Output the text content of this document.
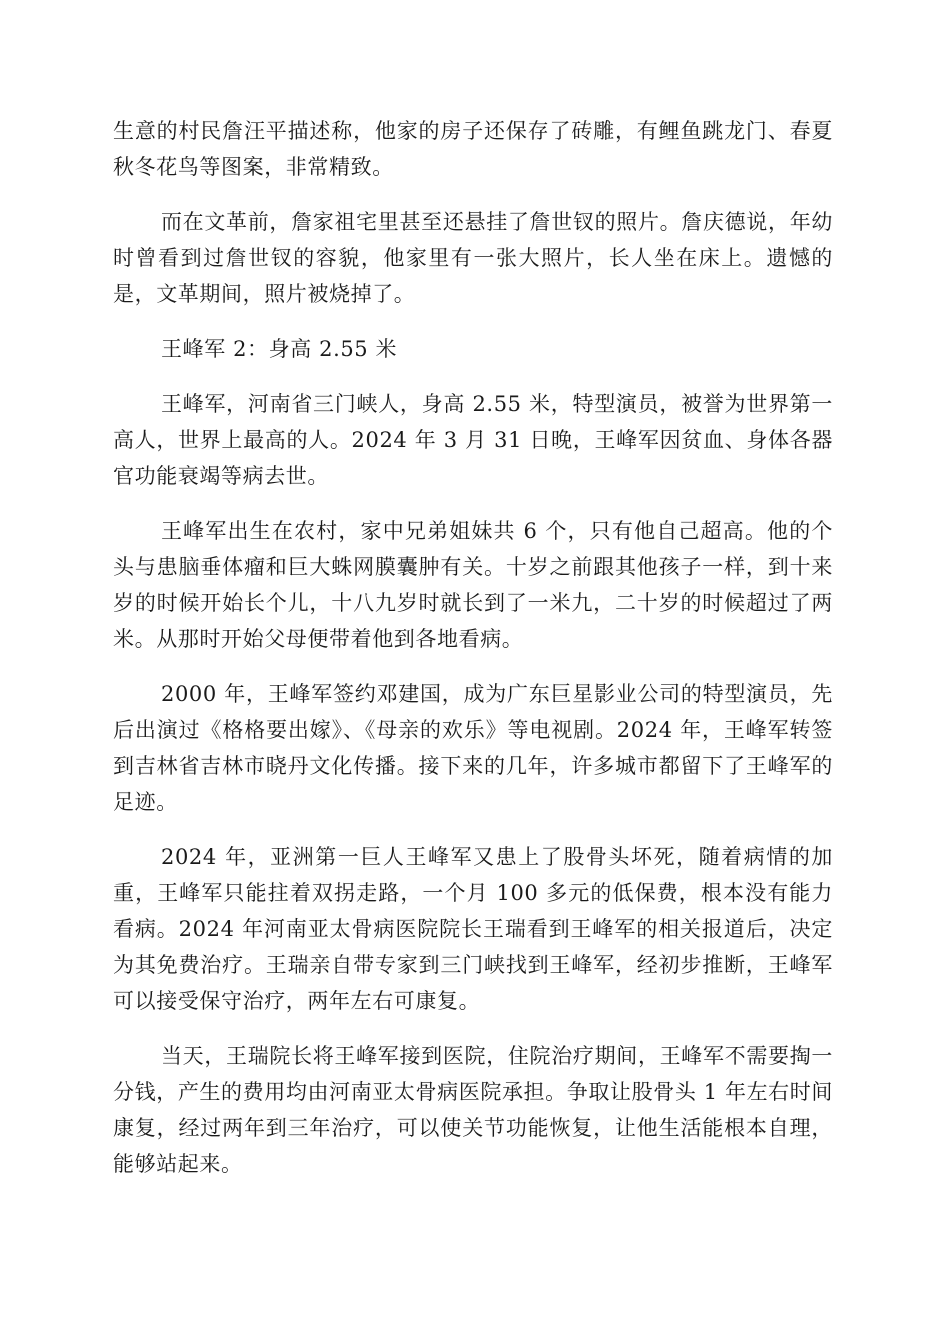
生意的村民詹汪平描述称，他家的房子还保存了砖雕，有鲤鱼跳龙门、春夏秋冬花鸟等图案，非常精致。

而在文革前，詹家祖宅里甚至还悬挂了詹世钗的照片。詹庆德说，年幼时曾看到过詹世钗的容貌，他家里有一张大照片，长人坐在床上。遗憾的是，文革期间，照片被烧掉了。

王峰军 2：身高 2.55 米

王峰军，河南省三门峡人，身高 2.55 米，特型演员，被誉为世界第一高人，世界上最高的人。2024 年 3 月 31 日晚，王峰军因贫血、身体各器官功能衰竭等病去世。

王峰军出生在农村，家中兄弟姐妹共 6 个，只有他自己超高。他的个头与患脑垂体瘤和巨大蛛网膜囊肿有关。十岁之前跟其他孩子一样，到十来岁的时候开始长个儿，十八九岁时就长到了一米九，二十岁的时候超过了两米。从那时开始父母便带着他到各地看病。

2000 年，王峰军签约邓建国，成为广东巨星影业公司的特型演员，先后出演过《格格要出嫁》、《母亲的欢乐》等电视剧。2024 年，王峰军转签到吉林省吉林市晓丹文化传播。接下来的几年，许多城市都留下了王峰军的足迹。

2024 年，亚洲第一巨人王峰军又患上了股骨头坏死，随着病情的加重，王峰军只能拄着双拐走路，一个月 100 多元的低保费，根本没有能力看病。2024 年河南亚太骨病医院院长王瑞看到王峰军的相关报道后，决定为其免费治疗。王瑞亲自带专家到三门峡找到王峰军，经初步推断，王峰军可以接受保守治疗，两年左右可康复。

当天，王瑞院长将王峰军接到医院，住院治疗期间，王峰军不需要掏一分钱，产生的费用均由河南亚太骨病医院承担。争取让股骨头 1 年左右时间康复，经过两年到三年治疗，可以使关节功能恢复，让他生活能根本自理，能够站起来。
